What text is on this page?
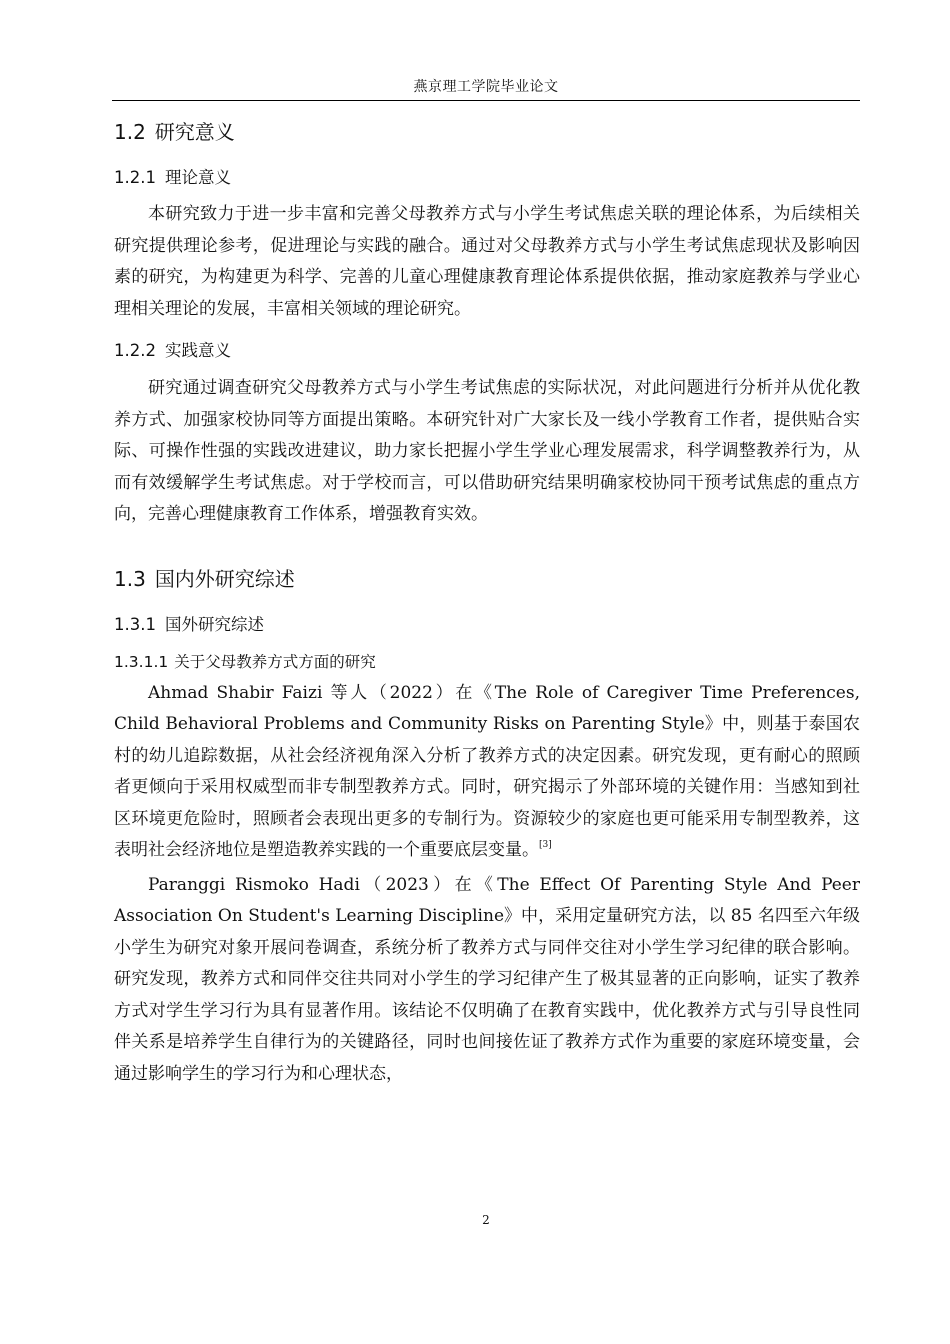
燕京理工学院毕业论文
1.2 研究意义
1.2.1 理论意义

本研究致力于进一步丰富和完善父母教养方式与小学生考试焦虑关联的理论体系，为后续相关研究提供理论参考，促进理论与实践的融合。通过对父母教养方式与小学生考试焦虑现状及影响因素的研究，为构建更为科学、完善的儿童心理健康教育理论体系提供依据，推动家庭教养与学业心理相关理论的发展，丰富相关领域的理论研究。

1.2.2 实践意义

研究通过调查研究父母教养方式与小学生考试焦虑的实际状况，对此问题进行分析并从优化教养方式、加强家校协同等方面提出策略。本研究针对广大家长及一线小学教育工作者，提供贴合实际、可操作性强的实践改进建议，助力家长把握小学生学业心理发展需求，科学调整教养行为，从而有效缓解学生考试焦虑。对于学校而言，可以借助研究结果明确家校协同干预考试焦虑的重点方向，完善心理健康教育工作体系，增强教育实效。

1.3 国内外研究综述
1.3.1 国外研究综述
1.3.1.1 关于父母教养方式方面的研究

Ahmad Shabir Faizi 等人（2022）在《The Role of Caregiver Time Preferences, Child Behavioral Problems and Community Risks on Parenting Style》中，则基于泰国农村的幼儿追踪数据，从社会经济视角深入分析了教养方式的决定因素。研究发现，更有耐心的照顾者更倾向于采用权威型而非专制型教养方式。同时，研究揭示了外部环境的关键作用：当感知到社区环境更危险时，照顾者会表现出更多的专制行为。资源较少的家庭也更可能采用专制型教养，这表明社会经济地位是塑造教养实践的一个重要底层变量。[3]

Paranggi Rismoko Hadi（2023）在《The Effect Of Parenting Style And Peer Association On Student's Learning Discipline》中，采用定量研究方法，以 85 名四至六年级小学生为研究对象开展问卷调查，系统分析了教养方式与同伴交往对小学生学习纪律的联合影响。研究发现，教养方式和同伴交往共同对小学生的学习纪律产生了极其显著的正向影响，证实了教养方式对学生学习行为具有显著作用。该结论不仅明确了在教育实践中，优化教养方式与引导良性同伴关系是培养学生自律行为的关键路径，同时也间接佐证了教养方式作为重要的家庭环境变量，会通过影响学生的学习行为和心理状态，

2
